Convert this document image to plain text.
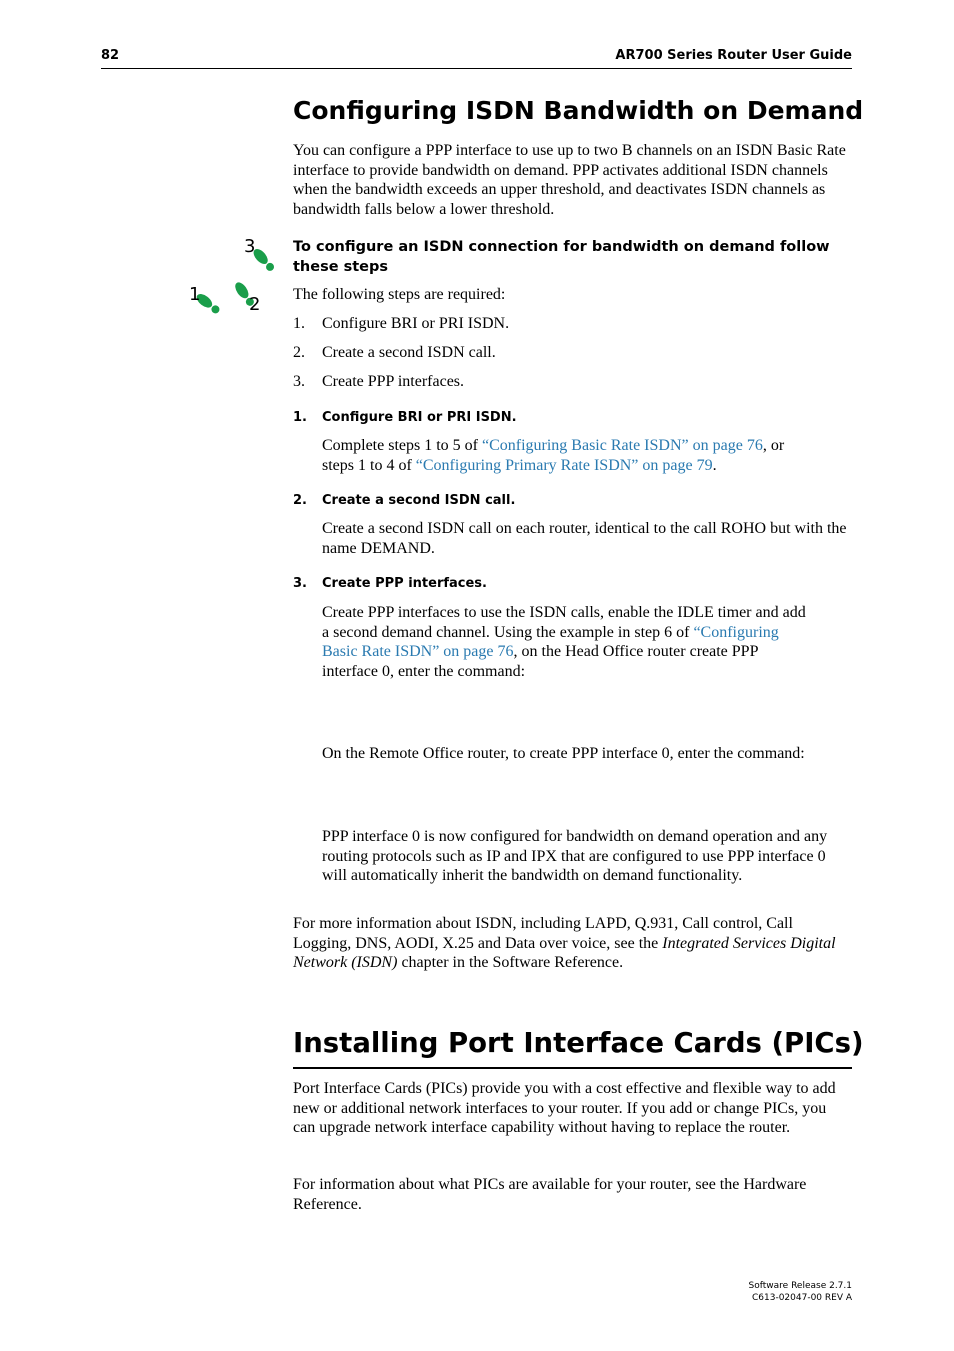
82	AR700 Series Router User Guide
Configuring ISDN Bandwidth on Demand
You can configure a PPP interface to use up to two B channels on an ISDN Basic Rate interface to provide bandwidth on demand. PPP activates additional ISDN channels when the bandwidth exceeds an upper threshold, and deactivates ISDN channels as bandwidth falls below a lower threshold.
3
1	2
To configure an ISDN connection for bandwidth on demand follow these steps
The following steps are required:
1. Configure BRI or PRI ISDN.
2. Create a second ISDN call.
3. Create PPP interfaces.
1. Configure BRI or PRI ISDN.
Complete steps 1 to 5 of “Configuring Basic Rate ISDN” on page 76, or
steps 1 to 4 of “Configuring Primary Rate ISDN” on page 79.
2. Create a second ISDN call.
Create a second ISDN call on each router, identical to the call ROHO but with the name DEMAND.
3. Create PPP interfaces.
Create PPP interfaces to use the ISDN calls, enable the IDLE timer and add
a second demand channel. Using the example in step 6 of “Configuring
Basic Rate ISDN” on page 76, on the Head Office router create PPP
interface 0, enter the command:
On the Remote Office router, to create PPP interface 0, enter the command:
PPP interface 0 is now configured for bandwidth on demand operation and any routing protocols such as IP and IPX that are configured to use PPP interface 0 will automatically inherit the bandwidth on demand functionality.
For more information about ISDN, including LAPD, Q.931, Call control, Call Logging, DNS, AODI, X.25 and Data over voice, see the Integrated Services Digital Network (ISDN) chapter in the Software Reference.
Installing Port Interface Cards (PICs)
Port Interface Cards (PICs) provide you with a cost effective and flexible way to add new or additional network interfaces to your router. If you add or change PICs, you can upgrade network interface capability without having to replace the router.
For information about what PICs are available for your router, see the Hardware Reference.
Software Release 2.7.1
C613-02047-00 REV A
